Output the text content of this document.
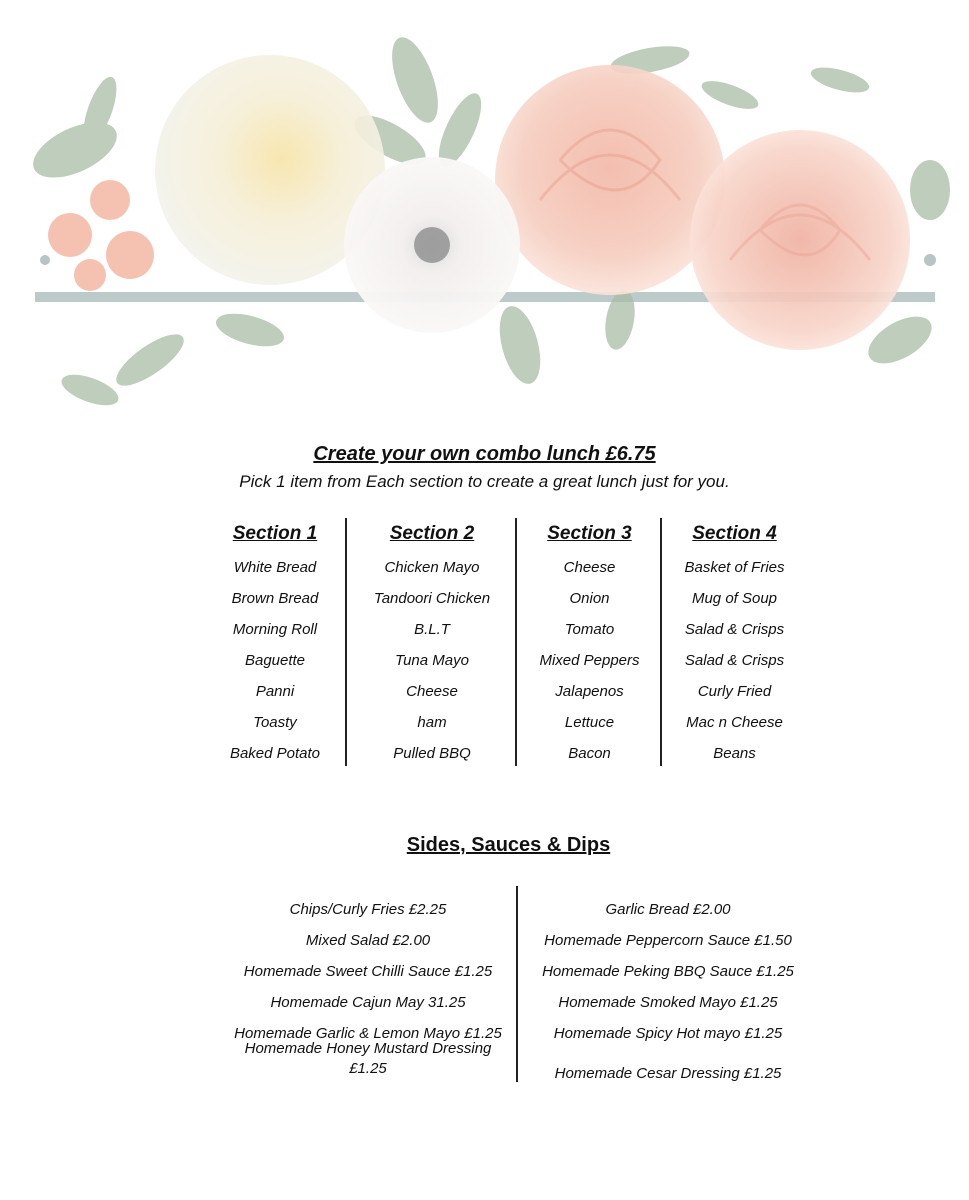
Create your own combo lunch £6.75
Pick 1 item from Each section to create a great lunch just for you.
Section 1
White Bread
Brown Bread
Morning Roll
Baguette
Panni
Toasty
Baked Potato
Section 2
Chicken Mayo
Tandoori Chicken
B.L.T
Tuna Mayo
Cheese
ham
Pulled BBQ
Section 3
Cheese
Onion
Tomato
Mixed Peppers
Jalapenos
Lettuce
Bacon
Section 4
Basket of Fries
Mug of Soup
Salad & Crisps
Salad & Crisps
Curly Fried
Mac n Cheese
Beans
Sides, Sauces & Dips
Chips/Curly Fries £2.25
Mixed Salad £2.00
Homemade Sweet Chilli Sauce £1.25
Homemade Cajun May 31.25
Homemade Garlic & Lemon Mayo £1.25
Homemade Honey Mustard Dressing £1.25
Garlic Bread £2.00
Homemade Peppercorn Sauce £1.50
Homemade Peking BBQ Sauce £1.25
Homemade Smoked Mayo £1.25
Homemade Spicy Hot mayo £1.25
Homemade Cesar Dressing £1.25
